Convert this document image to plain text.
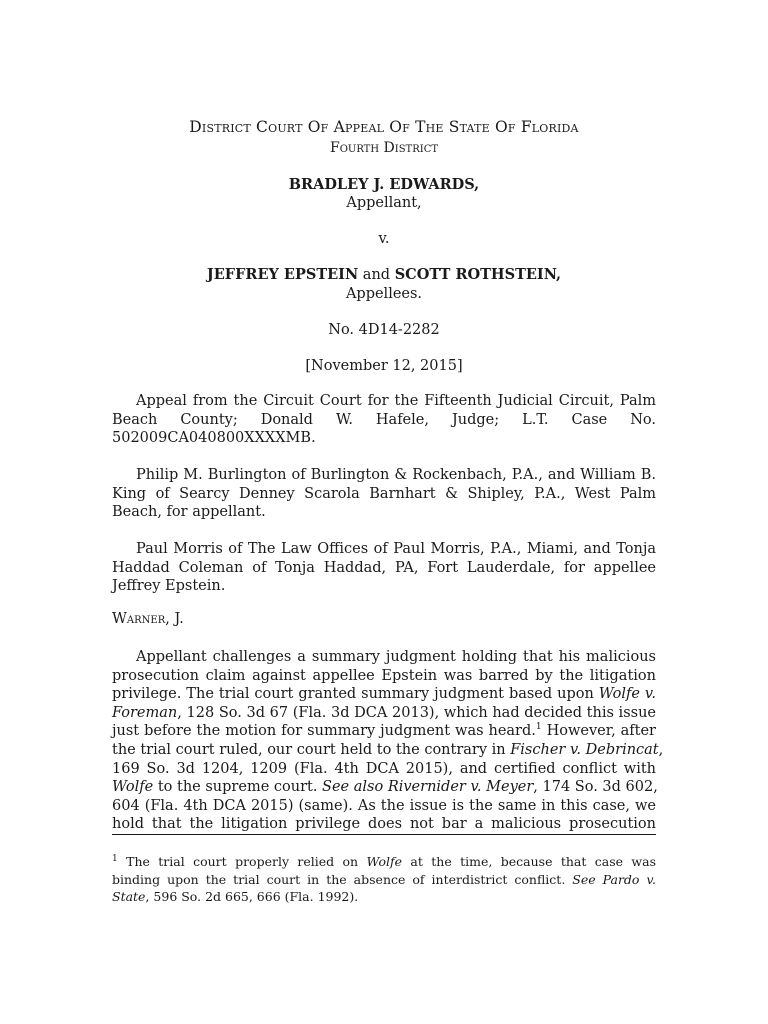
District Court Of Appeal Of The State Of Florida
Fourth District
BRADLEY J. EDWARDS,
Appellant,
v.
JEFFREY EPSTEIN and SCOTT ROTHSTEIN,
Appellees.
No. 4D14-2282
[November 12, 2015]

Appeal from the Circuit Court for the Fifteenth Judicial Circuit, Palm Beach County; Donald W. Hafele, Judge; L.T. Case No. 502009CA040800XXXXMB.

Philip M. Burlington of Burlington & Rockenbach, P.A., and William B. King of Searcy Denney Scarola Barnhart & Shipley, P.A., West Palm Beach, for appellant.

Paul Morris of The Law Offices of Paul Morris, P.A., Miami, and Tonja Haddad Coleman of Tonja Haddad, PA, Fort Lauderdale, for appellee Jeffrey Epstein.

Warner, J.
Appellant challenges a summary judgment holding that his malicious
prosecution claim against appellee Epstein was barred by the litigation
privilege. The trial court granted summary judgment based upon Wolfe v.
Foreman, 128 So. 3d 67 (Fla. 3d DCA 2013), which had decided this issue
just before the motion for summary judgment was heard.$^1$ However, after
the trial court ruled, our court held to the contrary in Fischer v. Debrincat,
169 So. 3d 1204, 1209 (Fla. 4th DCA 2015), and certified conflict with
Wolfe to the supreme court. See also Rivernider v. Meyer, 174 So. 3d 602,
604 (Fla. 4th DCA 2015) (same). As the issue is the same in this case, we
hold that the litigation privilege does not bar a malicious prosecution
$^1$ The trial court properly relied on Wolfe at the time, because that case was
binding upon the trial court in the absence of interdistrict conflict. See Pardo v.
State, 596 So. 2d 665, 666 (Fla. 1992).
